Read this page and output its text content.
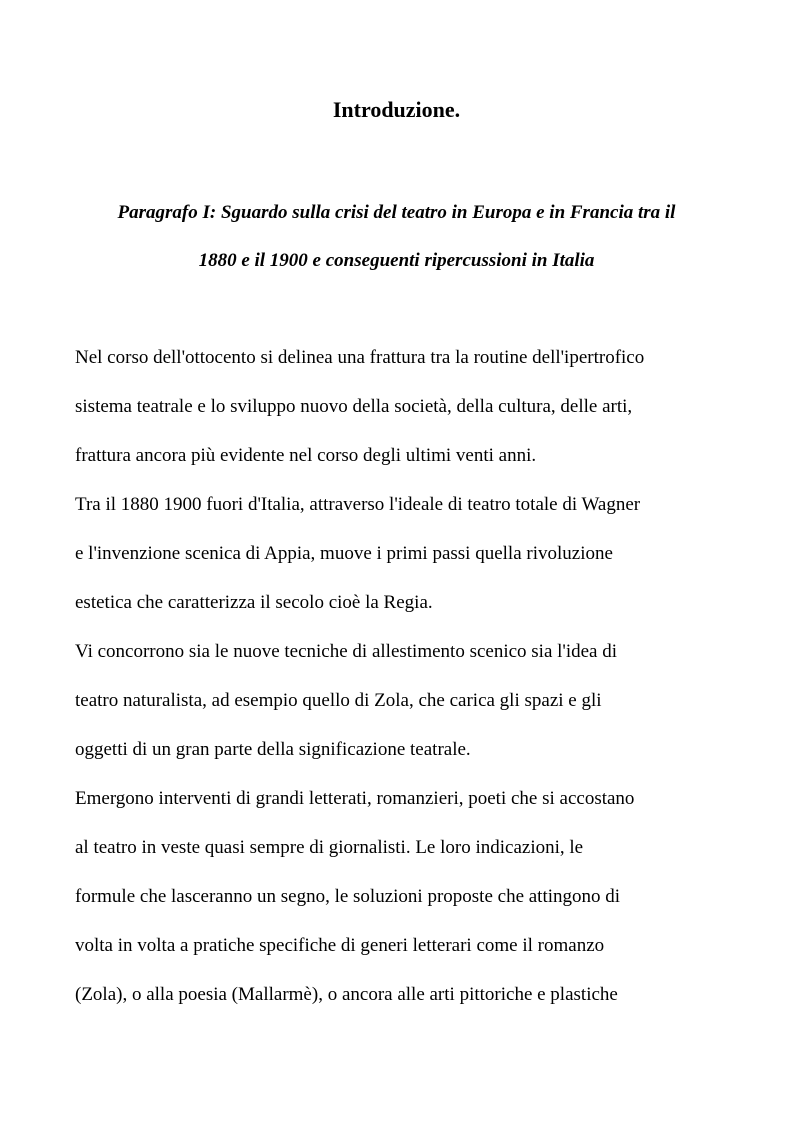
Introduzione.
Paragrafo I: Sguardo sulla crisi del teatro in Europa e in Francia tra il
1880 e il 1900 e conseguenti ripercussioni in Italia
Nel corso dell'ottocento si delinea una frattura tra la routine dell'ipertrofico
sistema teatrale e lo sviluppo nuovo della società, della cultura, delle arti,
frattura ancora più evidente nel corso degli ultimi venti anni.
Tra il 1880 1900 fuori d'Italia, attraverso l'ideale di teatro totale di Wagner
e l'invenzione scenica di Appia, muove i primi passi quella rivoluzione
estetica che caratterizza il secolo cioè la Regia.
Vi concorrono sia le nuove tecniche di allestimento scenico sia l'idea di
teatro naturalista, ad esempio quello di Zola, che carica gli spazi e gli
oggetti di un gran parte della significazione teatrale.
Emergono interventi di grandi letterati, romanzieri, poeti che si accostano
al teatro in veste quasi sempre di giornalisti. Le loro indicazioni, le
formule che lasceranno un segno, le soluzioni proposte che attingono di
volta in volta a pratiche specifiche di generi letterari come il romanzo
(Zola), o alla poesia (Mallarmè), o ancora alle arti pittoriche e plastiche
